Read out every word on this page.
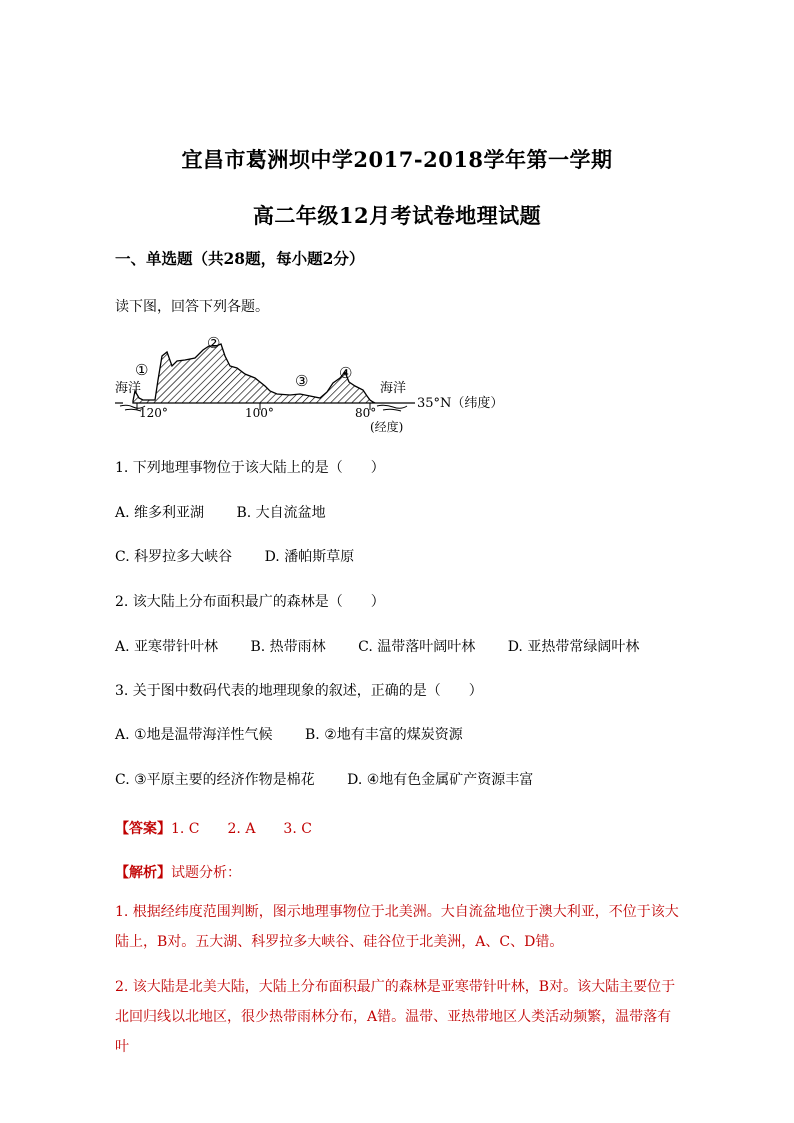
宜昌市葛洲坝中学2017-2018学年第一学期
高二年级12月考试卷地理试题
一、单选题（共28题，每小题2分）
读下图，回答下列各题。
①
②
③ ④
海洋	海洋
120°	100°	80°
(经度)
35°N（纬度）
1. 下列地理事物位于该大陆上的是（　　）
A. 维多利亚湖 B. 大自流盆地
C. 科罗拉多大峡谷 D. 潘帕斯草原
2. 该大陆上分布面积最广的森林是（　　）
A. 亚寒带针叶林 B. 热带雨林 C. 温带落叶阔叶林 D. 亚热带常绿阔叶林
3. 关于图中数码代表的地理现象的叙述，正确的是（　　）
A. ①地是温带海洋性气候 B. ②地有丰富的煤炭资源
C. ③平原主要的经济作物是棉花 D. ④地有色金属矿产资源丰富
【答案】1. C　　2. A　　3. C
【解析】试题分析：
1. 根据经纬度范围判断，图示地理事物位于北美洲。大自流盆地位于澳大利亚，不位于该大陆上，B对。五大湖、科罗拉多大峡谷、硅谷位于北美洲，A、C、D错。
2. 该大陆是北美大陆，大陆上分布面积最广的森林是亚寒带针叶林，B对。该大陆主要位于北回归线以北地区，很少热带雨林分布，A错。温带、亚热带地区人类活动频繁，温带落有叶
